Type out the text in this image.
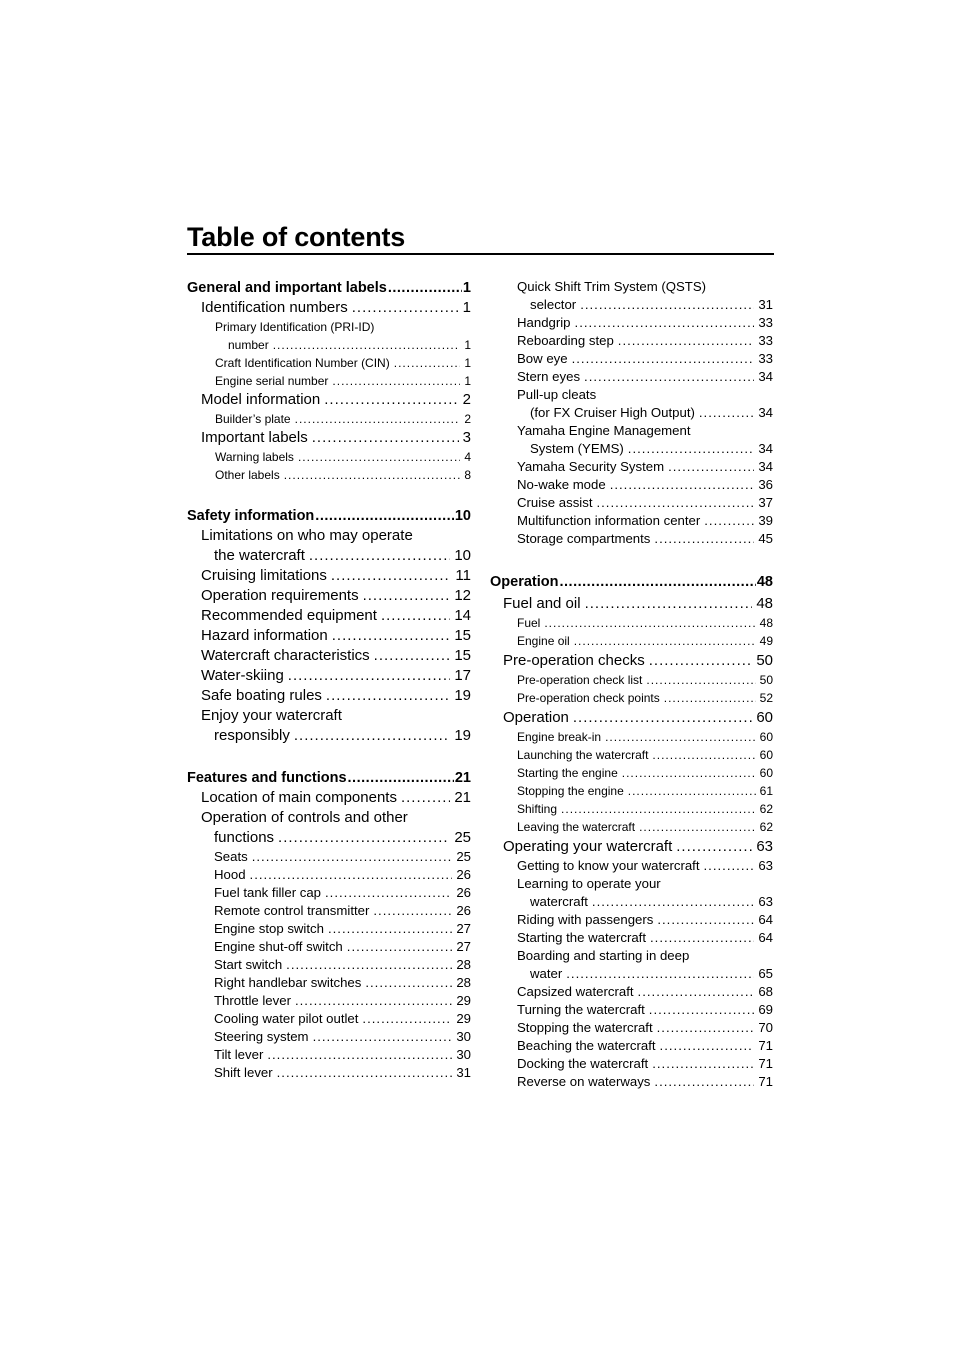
Table of contents
General and important labels .....	1
Identification numbers .....	1
Primary Identification (PRI-ID)
number .....	1
Craft Identification Number (CIN) .....	1
Engine serial number .....	1
Model information .....	2
Builder’s plate .....	2
Important labels .....	3
Warning labels .....	4
Other labels .....	8
Safety information .....	10
Limitations on who may operate
the watercraft .....	10
Cruising limitations .....	11
Operation requirements .....	12
Recommended equipment .....	14
Hazard information .....	15
Watercraft characteristics .....	15
Water-skiing .....	17
Safe boating rules .....	19
Enjoy your watercraft
responsibly .....	19
Features and functions .....	21
Location of main components .....	21
Operation of controls and other
functions .....	25
Seats .....	25
Hood .....	26
Fuel tank filler cap .....	26
Remote control transmitter .....	26
Engine stop switch .....	27
Engine shut-off switch .....	27
Start switch .....	28
Right handlebar switches .....	28
Throttle lever .....	29
Cooling water pilot outlet .....	29
Steering system .....	30
Tilt lever .....	30
Shift lever .....	31
Quick Shift Trim System (QSTS)
selector .....	31
Handgrip .....	33
Reboarding step .....	33
Bow eye .....	33
Stern eyes .....	34
Pull-up cleats
(for FX Cruiser High Output) .....	34
Yamaha Engine Management
System (YEMS) .....	34
Yamaha Security System .....	34
No-wake mode .....	36
Cruise assist .....	37
Multifunction information center .....	39
Storage compartments .....	45
Operation .....	48
Fuel and oil .....	48
Fuel .....	48
Engine oil .....	49
Pre-operation checks .....	50
Pre-operation check list .....	50
Pre-operation check points .....	52
Operation .....	60
Engine break-in .....	60
Launching the watercraft .....	60
Starting the engine .....	60
Stopping the engine .....	61
Shifting .....	62
Leaving the watercraft .....	62
Operating your watercraft .....	63
Getting to know your watercraft .....	63
Learning to operate your
watercraft .....	63
Riding with passengers .....	64
Starting the watercraft .....	64
Boarding and starting in deep
water .....	65
Capsized watercraft .....	68
Turning the watercraft .....	69
Stopping the watercraft .....	70
Beaching the watercraft .....	71
Docking the watercraft .....	71
Reverse on waterways .....	71
